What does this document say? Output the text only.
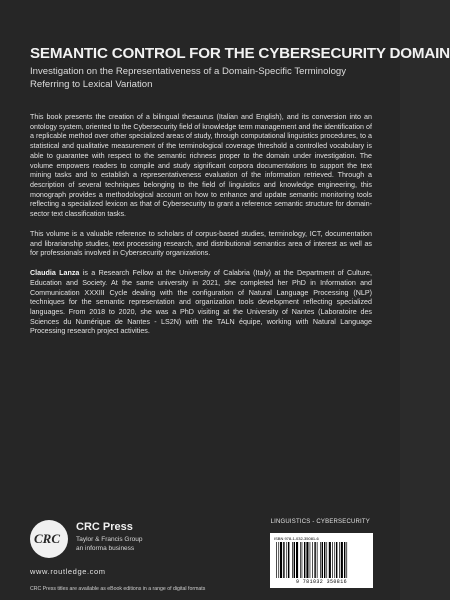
SEMANTIC CONTROL FOR THE CYBERSECURITY DOMAIN
Investigation on the Representativeness of a Domain-Specific Terminology Referring to Lexical Variation

This book presents the creation of a bilingual thesaurus (Italian and English), and its conversion into an ontology system, oriented to the Cybersecurity field of knowledge term management and the identification of a replicable method over other specialized areas of study, through computational linguistics procedures, to a statistical and qualitative measurement of the terminological coverage threshold a controlled vocabulary is able to guarantee with respect to the semantic richness proper to the domain under investigation. The volume empowers readers to compile and study significant corpora documentations to support the text mining tasks and to establish a representativeness evaluation of the information retrieved. Through a description of several techniques belonging to the field of linguistics and knowledge engineering, this monograph provides a methodological account on how to enhance and update semantic monitoring tools reflecting a specialized lexicon as that of Cybersecurity to grant a reference semantic structure for domain-sector text classification tasks.

This volume is a valuable reference to scholars of corpus-based studies, terminology, ICT, documentation and librarianship studies, text processing research, and distributional semantics area of interest as well as for professionals involved in Cybersecurity organizations.

Claudia Lanza is a Research Fellow at the University of Calabria (Italy) at the Department of Culture, Education and Society. At the same university in 2021, she completed her PhD in Information and Communication XXXIII Cycle dealing with the configuration of Natural Language Processing (NLP) techniques for the semantic representation and organization tools development reflecting specialized languages. From 2018 to 2020, she was a PhD visiting at the University of Nantes (Laboratoire des Sciences du Numérique de Nantes - LS2N) with the TALN équipe, working with Natural Language Processing research project activities.

CRC
CRC Press
Taylor & Francis Group
an informa business
www.routledge.com
CRC Press titles are available as eBook editions in a range of digital formats
LINGUISTICS - CYBERSECURITY
ISBN 978-1-032-35081-6
9 781032 350816
